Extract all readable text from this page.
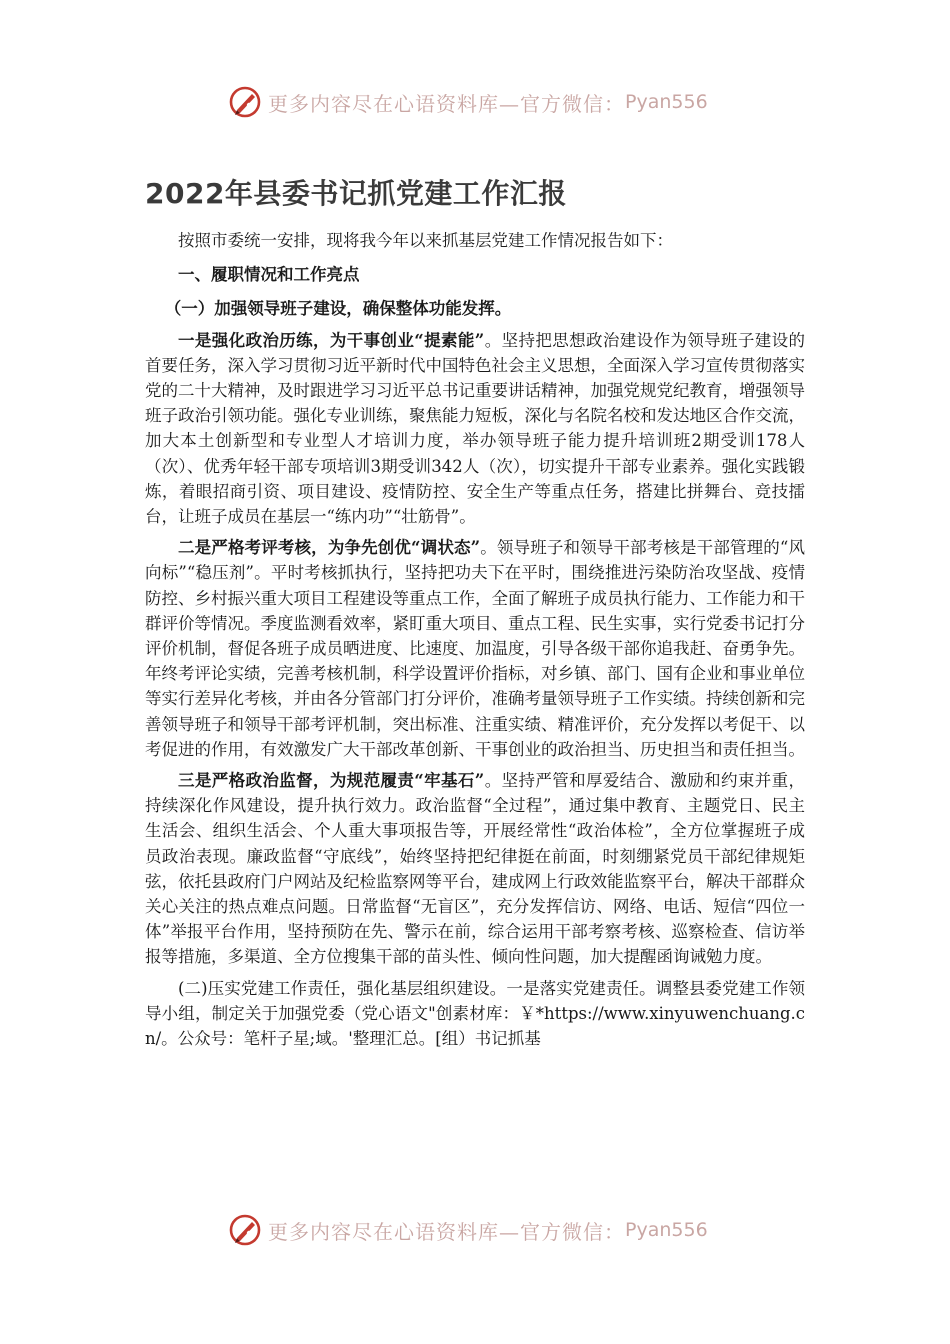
更多内容尽在心语资料库—官方微信： Pyan556
2022年县委书记抓党建工作汇报

按照市委统一安排，现将我今年以来抓基层党建工作情况报告如下：

一、履职情况和工作亮点

（一）加强领导班子建设，确保整体功能发挥。

一是强化政治历练，为干事创业“提素能”。坚持把思想政治建设作为领导班子建设的首要任务，深入学习贯彻习近平新时代中国特色社会主义思想，全面深入学习宣传贯彻落实党的二十大精神，及时跟进学习习近平总书记重要讲话精神，加强党规党纪教育，增强领导班子政治引领功能。强化专业训练，聚焦能力短板，深化与名院名校和发达地区合作交流，加大本土创新型和专业型人才培训力度，举办领导班子能力提升培训班2期受训178人（次）、优秀年轻干部专项培训3期受训342人（次），切实提升干部专业素养。强化实践锻炼，着眼招商引资、项目建设、疫情防控、安全生产等重点任务，搭建比拼舞台、竞技擂台，让班子成员在基层一“练内功”“壮筋骨”。

二是严格考评考核，为争先创优“调状态”。领导班子和领导干部考核是干部管理的“风向标”“稳压剂”。平时考核抓执行，坚持把功夫下在平时，围绕推进污染防治攻坚战、疫情防控、乡村振兴重大项目工程建设等重点工作，全面了解班子成员执行能力、工作能力和干群评价等情况。季度监测看效率，紧盯重大项目、重点工程、民生实事，实行党委书记打分评价机制，督促各班子成员晒进度、比速度、加温度，引导各级干部你追我赶、奋勇争先。年终考评论实绩，完善考核机制，科学设置评价指标，对乡镇、部门、国有企业和事业单位等实行差异化考核，并由各分管部门打分评价，准确考量领导班子工作实绩。持续创新和完善领导班子和领导干部考评机制，突出标准、注重实绩、精准评价，充分发挥以考促干、以考促进的作用，有效激发广大干部改革创新、干事创业的政治担当、历史担当和责任担当。

三是严格政治监督，为规范履责“牢基石”。坚持严管和厚爱结合、激励和约束并重，持续深化作风建设，提升执行效力。政治监督“全过程”，通过集中教育、主题党日、民主生活会、组织生活会、个人重大事项报告等，开展经常性“政治体检”，全方位掌握班子成员政治表现。廉政监督“守底线”，始终坚持把纪律挺在前面，时刻绷紧党员干部纪律规矩弦，依托县政府门户网站及纪检监察网等平台，建成网上行政效能监察平台，解决干部群众关心关注的热点难点问题。日常监督“无盲区”，充分发挥信访、网络、电话、短信“四位一体”举报平台作用，坚持预防在先、警示在前，综合运用干部考察考核、巡察检查、信访举报等措施，多渠道、全方位搜集干部的苗头性、倾向性问题，加大提醒函询诫勉力度。

(二)压实党建工作责任，强化基层组织建设。一是落实党建责任。调整县委党建工作领导小组，制定关于加强党委（党心语文"创素材库：￥*https://www.xinyuwenchuang.cn/。公众号：笔杆子星;域。'整理汇总。[组）书记抓基

更多内容尽在心语资料库—官方微信： Pyan556
